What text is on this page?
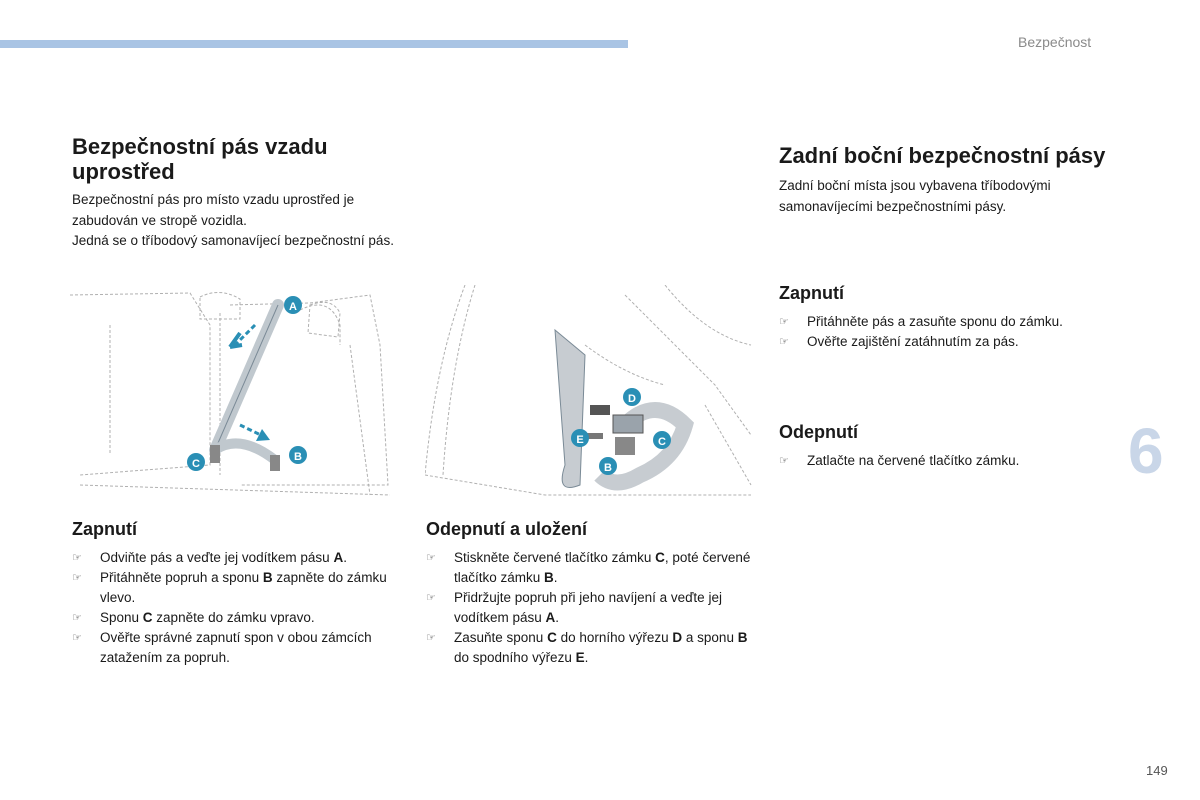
Bezpečnost
6
149
Bezpečnostní pás vzadu uprostřed

Bezpečnostní pás pro místo vzadu uprostřed je zabudován ve stropě vozidla.

Jedná se o tříbodový samonavíjecí bezpečnostní pás.

A
B
C
D
E	C
B
Zapnutí
☞ Odviňte pás a veďte jej vodítkem pásu A.
☞ Přitáhněte popruh a sponu B zapněte do zámku vlevo.
☞ Sponu C zapněte do zámku vpravo.
☞ Ověřte správné zapnutí spon v obou zámcích zatažením za popruh.
Odepnutí a uložení
☞ Stiskněte červené tlačítko zámku C, poté červené tlačítko zámku B.
☞ Přidržujte popruh při jeho navíjení a veďte jej vodítkem pásu A.
☞ Zasuňte sponu C do horního výřezu D a sponu B do spodního výřezu E.
Zadní boční bezpečnostní pásy

Zadní boční místa jsou vybavena tříbodovými samonavíjecími bezpečnostními pásy.

Zapnutí
☞ Přitáhněte pás a zasuňte sponu do zámku.
☞ Ověřte zajištění zatáhnutím za pás.
Odepnutí
☞ Zatlačte na červené tlačítko zámku.
